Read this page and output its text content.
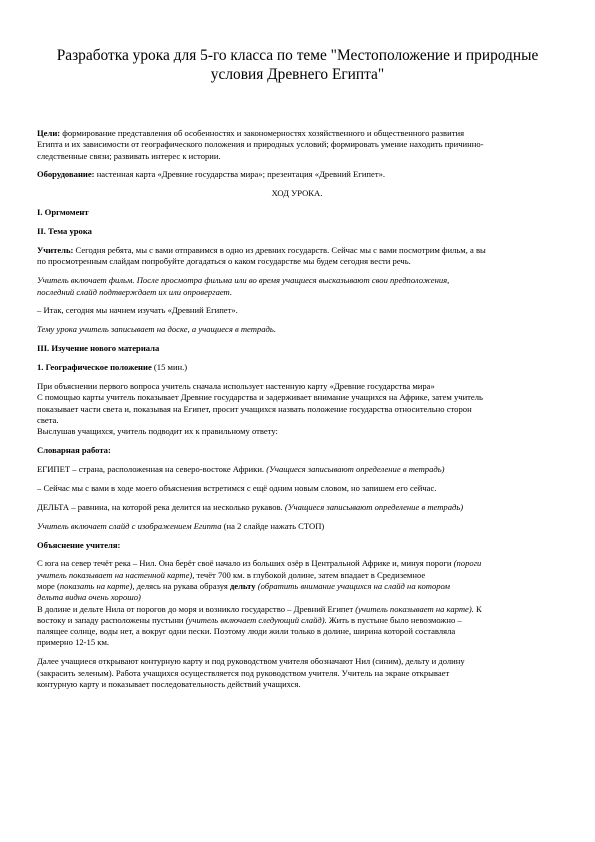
Разработка урока для 5-го класса по теме "Местоположение и природные
условия Древнего Египта"
Цели: формирование представления об особенностях и закономерностях хозяйственного и общественного развития
Египта и их зависимости от географического положения и природных условий; формировать умение находить причинно-
следственные связи; развивать интерес к истории.
Оборудование: настенная карта «Древние государства мира»; презентация «Древний Египет».
ХОД УРОКА.
I. Оргмомент
II. Тема урока
Учитель: Сегодня ребята, мы с вами отправимся в одно из древних государств. Сейчас мы с вами посмотрим фильм, а вы
по просмотренным слайдам попробуйте догадаться о каком государстве мы будем сегодня вести речь.
Учитель включает фильм. После просмотра фильма или во время учащиеся высказывают свои предположения,
последний слайд подтверждает их или опровергает.
– Итак, сегодня мы начнем изучать «Древний Египет».
Тему урока учитель записывает на доске, а учащиеся в тетрадь.
III. Изучение нового материала
1. Географическое положение (15 мин.)
При объяснении первого вопроса учитель сначала использует настенную карту «Древние государства мира»
С помощью карты учитель показывает Древние государства и задерживает внимание учащихся на Африке, затем учитель
показывает части света и, показывая на Египет, просит учащихся назвать положение государства относительно сторон
света.
Выслушав учащихся, учитель подводит их к правильному ответу:
Словарная работа:
ЕГИПЕТ – страна, расположенная на северо-востоке Африки. (Учащиеся записывают определение в тетрадь)
– Сейчас мы с вами в ходе моего объяснения встретимся с ещё одним новым словом, но запишем его сейчас.
ДЕЛЬТА – равнина, на которой река делится на несколько рукавов. (Учащиеся записывают определение в тетрадь)
Учитель включает слайд с изображением Египта (на 2 слайде нажать СТОП)
Объяснение учителя:
С юга на север течёт река – Нил. Она берёт своё начало из больших озёр в Центральной Африке и, минуя пороги (пороги
учитель показывает на настенной карте), течёт 700 км. в глубокой долине, затем впадает в Средиземное
море (показать на карте), делясь на рукава образуя дельту (обратить внимание учащихся на слайд на котором
дельта видна очень хорошо)
В долине и дельте Нила от порогов до моря и возникло государство – Древний Египет (учитель показывает на карте). К
востоку и западу расположены пустыни (учитель включает следующий слайд). Жить в пустыне было невозможно –
палящее солнце, воды нет, а вокруг одни пески. Поэтому люди жили только в долине, ширина которой составляла
примерно 12-15 км.
Далее учащиеся открывают контурную карту и под руководством учителя обозначают Нил (синим), дельту и долину
(закрасить зеленым). Работа учащихся осуществляется под руководством учителя. Учитель на экране открывает
контурную карту и показывает последовательность действий учащихся.
